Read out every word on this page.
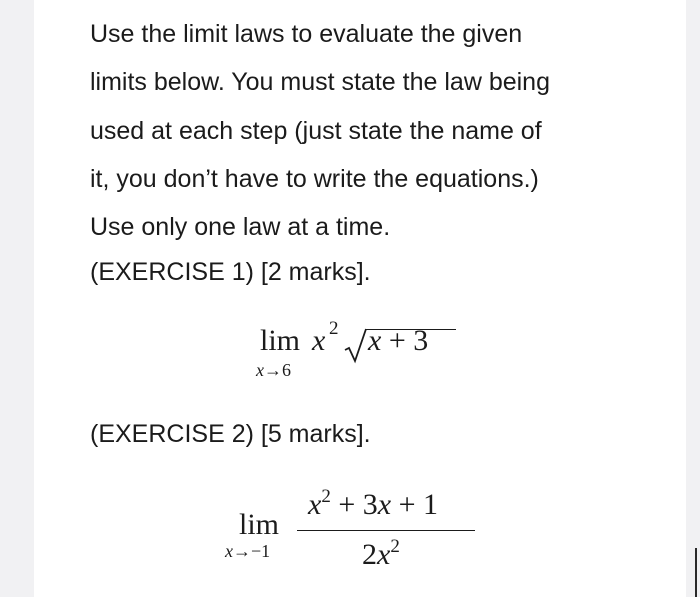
Use the limit laws to evaluate the given
limits below. You must state the law being
used at each step (just state the name of
it, you don’t have to write the equations.)
Use only one law at a time.

(EXERCISE 1) [2 marks].
lim
x→6
x 2 x + 3
(EXERCISE 2) [5 marks].
lim
x→−1
$x^2 + 3x + 1$
$2x^2$
